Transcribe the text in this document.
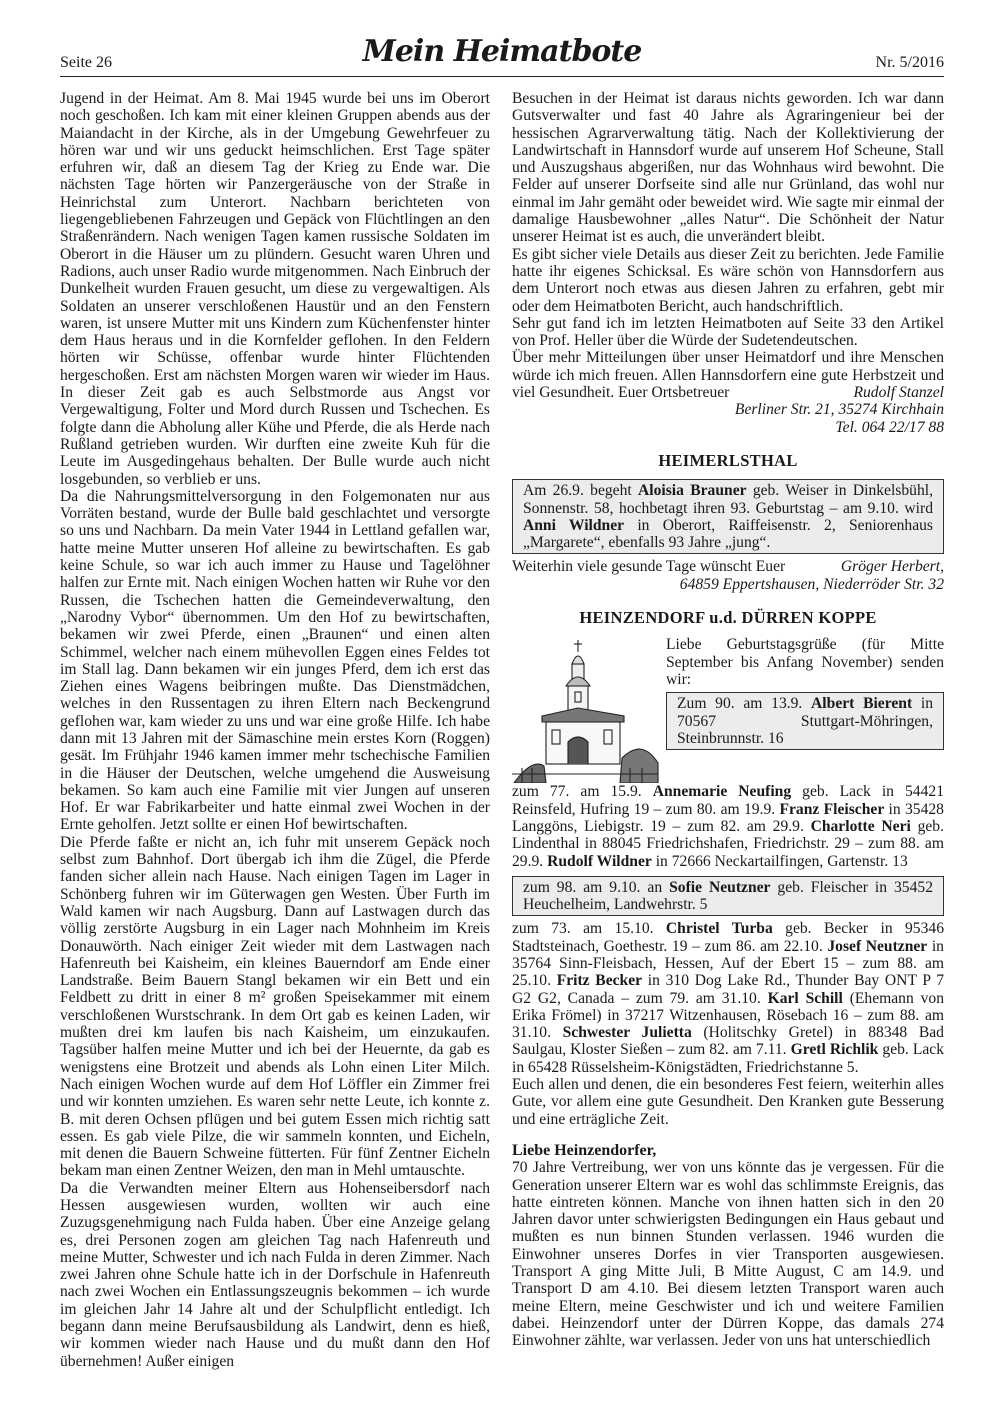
Seite 26	Mein Heimatbote	Nr. 5/2016

Jugend in der Heimat. Am 8. Mai 1945 wurde bei uns im Oberort noch geschoßen. Ich kam mit einer kleinen Gruppen abends aus der Maiandacht in der Kirche, als in der Umgebung Gewehrfeuer zu hören war und wir uns geduckt heimschlichen. Erst Tage später erfuhren wir, daß an diesem Tag der Krieg zu Ende war. Die nächsten Tage hörten wir Panzergeräusche von der Straße in Heinrichstal zum Unterort. Nachbarn berichteten von liegengebliebenen Fahrzeugen und Gepäck von Flüchtlingen an den Straßenrändern. Nach wenigen Tagen kamen russische Soldaten im Oberort in die Häuser um zu plündern. Gesucht waren Uhren und Radions, auch unser Radio wurde mitgenommen. Nach Einbruch der Dunkelheit wurden Frauen gesucht, um diese zu vergewaltigen. Als Soldaten an unserer verschloßenen Haustür und an den Fenstern waren, ist unsere Mutter mit uns Kindern zum Küchenfenster hinter dem Haus heraus und in die Kornfelder geflohen. In den Feldern hörten wir Schüsse, offenbar wurde hinter Flüchtenden hergeschoßen. Erst am nächsten Morgen waren wir wieder im Haus. In dieser Zeit gab es auch Selbstmorde aus Angst vor Vergewaltigung, Folter und Mord durch Russen und Tschechen. Es folgte dann die Abholung aller Kühe und Pferde, die als Herde nach Rußland getrieben wurden. Wir durften eine zweite Kuh für die Leute im Ausgedingehaus behalten. Der Bulle wurde auch nicht losgebunden, so verblieb er uns.

Da die Nahrungsmittelversorgung in den Folgemonaten nur aus Vorräten bestand, wurde der Bulle bald geschlachtet und versorgte so uns und Nachbarn. Da mein Vater 1944 in Lettland gefallen war, hatte meine Mutter unseren Hof alleine zu bewirtschaften. Es gab keine Schule, so war ich auch immer zu Hause und Tagelöhner halfen zur Ernte mit. Nach einigen Wochen hatten wir Ruhe vor den Russen, die Tschechen hatten die Gemeindeverwaltung, den „Narodny Vybor“ übernommen. Um den Hof zu bewirtschaften, bekamen wir zwei Pferde, einen „Braunen“ und einen alten Schimmel, welcher nach einem mühevollen Eggen eines Feldes tot im Stall lag. Dann bekamen wir ein junges Pferd, dem ich erst das Ziehen eines Wagens beibringen mußte. Das Dienstmädchen, welches in den Russentagen zu ihren Eltern nach Beckengrund geflohen war, kam wieder zu uns und war eine große Hilfe. Ich habe dann mit 13 Jahren mit der Sämaschine mein erstes Korn (Roggen) gesät. Im Frühjahr 1946 kamen immer mehr tschechische Familien in die Häuser der Deutschen, welche umgehend die Ausweisung bekamen. So kam auch eine Familie mit vier Jungen auf unseren Hof. Er war Fabrikarbeiter und hatte einmal zwei Wochen in der Ernte geholfen. Jetzt sollte er einen Hof bewirtschaften.

Die Pferde faßte er nicht an, ich fuhr mit unserem Gepäck noch selbst zum Bahnhof. Dort übergab ich ihm die Zügel, die Pferde fanden sicher allein nach Hause. Nach einigen Tagen im Lager in Schönberg fuhren wir im Güterwagen gen Westen. Über Furth im Wald kamen wir nach Augsburg. Dann auf Lastwagen durch das völlig zerstörte Augsburg in ein Lager nach Mohnheim im Kreis Donauwörth. Nach einiger Zeit wieder mit dem Lastwagen nach Hafenreuth bei Kaisheim, ein kleines Bauerndorf am Ende einer Landstraße. Beim Bauern Stangl bekamen wir ein Bett und ein Feldbett zu dritt in einer 8 m² großen Speisekammer mit einem verschloßenen Wurstschrank. In dem Ort gab es keinen Laden, wir mußten drei km laufen bis nach Kaisheim, um einzukaufen. Tagsüber halfen meine Mutter und ich bei der Heuernte, da gab es wenigstens eine Brotzeit und abends als Lohn einen Liter Milch. Nach einigen Wochen wurde auf dem Hof Löffler ein Zimmer frei und wir konnten umziehen. Es waren sehr nette Leute, ich konnte z. B. mit deren Ochsen pflügen und bei gutem Essen mich richtig satt essen. Es gab viele Pilze, die wir sammeln konnten, und Eicheln, mit denen die Bauern Schweine fütterten. Für fünf Zentner Eicheln bekam man einen Zentner Weizen, den man in Mehl umtauschte.

Da die Verwandten meiner Eltern aus Hohenseibersdorf nach Hessen ausgewiesen wurden, wollten wir auch eine Zuzugsgenehmigung nach Fulda haben. Über eine Anzeige gelang es, drei Personen zogen am gleichen Tag nach Hafenreuth und meine Mutter, Schwester und ich nach Fulda in deren Zimmer. Nach zwei Jahren ohne Schule hatte ich in der Dorfschule in Hafenreuth nach zwei Wochen ein Entlassungszeugnis bekommen – ich wurde im gleichen Jahr 14 Jahre alt und der Schulpflicht entledigt. Ich begann dann meine Berufsausbildung als Landwirt, denn es hieß, wir kommen wieder nach Hause und du mußt dann den Hof übernehmen! Außer einigen

Besuchen in der Heimat ist daraus nichts geworden. Ich war dann Gutsverwalter und fast 40 Jahre als Agraringenieur bei der hessischen Agrarverwaltung tätig. Nach der Kollektivierung der Landwirtschaft in Hannsdorf wurde auf unserem Hof Scheune, Stall und Auszugshaus abgerißen, nur das Wohnhaus wird bewohnt. Die Felder auf unserer Dorfseite sind alle nur Grünland, das wohl nur einmal im Jahr gemäht oder beweidet wird. Wie sagte mir einmal der damalige Hausbewohner „alles Natur“. Die Schönheit der Natur unserer Heimat ist es auch, die unverändert bleibt.

Es gibt sicher viele Details aus dieser Zeit zu berichten. Jede Familie hatte ihr eigenes Schicksal. Es wäre schön von Hannsdorfern aus dem Unterort noch etwas aus diesen Jahren zu erfahren, gebt mir oder dem Heimatboten Bericht, auch handschriftlich.

Sehr gut fand ich im letzten Heimatboten auf Seite 33 den Artikel von Prof. Heller über die Würde der Sudetendeutschen.

Über mehr Mitteilungen über unser Heimatdorf und ihre Menschen würde ich mich freuen. Allen Hannsdorfern eine gute Herbstzeit und viel Gesundheit. Euer Ortsbetreuer	Rudolf Stanzel

Berliner Str. 21, 35274 Kirchhain

Tel. 064 22/17 88

HEIMERLSTHAL
Am 26.9. begeht Aloisia Brauner geb. Weiser in Dinkelsbühl, Sonnenstr. 58, hochbetagt ihren 93. Geburtstag – am 9.10. wird Anni Wildner in Oberort, Raiffeisenstr. 2, Seniorenhaus „Margarete“, ebenfalls 93 Jahre „jung“.

Weiterhin viele gesunde Tage wünscht Euer	Gröger Herbert,

64859 Eppertshausen, Niederröder Str. 32

HEINZENDORF u.d. DÜRREN KOPPE

Liebe Geburtstagsgrüße (für Mitte September bis Anfang November) senden wir:

Zum 90. am 13.9. Albert Bierent in 70567 Stuttgart-Möhringen, Steinbrunnstr. 16

zum 77. am 15.9. Annemarie Neufing geb. Lack in 54421 Reinsfeld, Hufring 19 – zum 80. am 19.9. Franz Fleischer in 35428 Langgöns, Liebigstr. 19 – zum 82. am 29.9. Charlotte Neri geb. Lindenthal in 88045 Friedrichshafen, Friedrichstr. 29 – zum 88. am 29.9. Rudolf Wildner in 72666 Neckartailfingen, Gartenstr. 13

zum 98. am 9.10. an Sofie Neutzner geb. Fleischer in 35452 Heuchelheim, Landwehrstr. 5

zum 73. am 15.10. Christel Turba geb. Becker in 95346 Stadtsteinach, Goethestr. 19 – zum 86. am 22.10. Josef Neutzner in 35764 Sinn-Fleisbach, Hessen, Auf der Ebert 15 – zum 88. am 25.10. Fritz Becker in 310 Dog Lake Rd., Thunder Bay ONT P 7 G2 G2, Canada – zum 79. am 31.10. Karl Schill (Ehemann von Erika Frömel) in 37217 Witzenhausen, Rösebach 16 – zum 88. am 31.10. Schwester Julietta (Holitschky Gretel) in 88348 Bad Saulgau, Kloster Sießen – zum 82. am 7.11. Gretl Richlik geb. Lack in 65428 Rüsselsheim-Königstädten, Friedrichstanne 5.

Euch allen und denen, die ein besonderes Fest feiern, weiterhin alles Gute, vor allem eine gute Gesundheit. Den Kranken gute Besserung und eine erträgliche Zeit.

Liebe Heinzendorfer,

70 Jahre Vertreibung, wer von uns könnte das je vergessen. Für die Generation unserer Eltern war es wohl das schlimmste Ereignis, das hatte eintreten können. Manche von ihnen hatten sich in den 20 Jahren davor unter schwierigsten Bedingungen ein Haus gebaut und mußten es nun binnen Stunden verlassen. 1946 wurden die Einwohner unseres Dorfes in vier Transporten ausgewiesen. Transport A ging Mitte Juli, B Mitte August, C am 14.9. und Transport D am 4.10. Bei diesem letzten Transport waren auch meine Eltern, meine Geschwister und ich und weitere Familien dabei. Heinzendorf unter der Dürren Koppe, das damals 274 Einwohner zählte, war verlassen. Jeder von uns hat unterschiedlich
